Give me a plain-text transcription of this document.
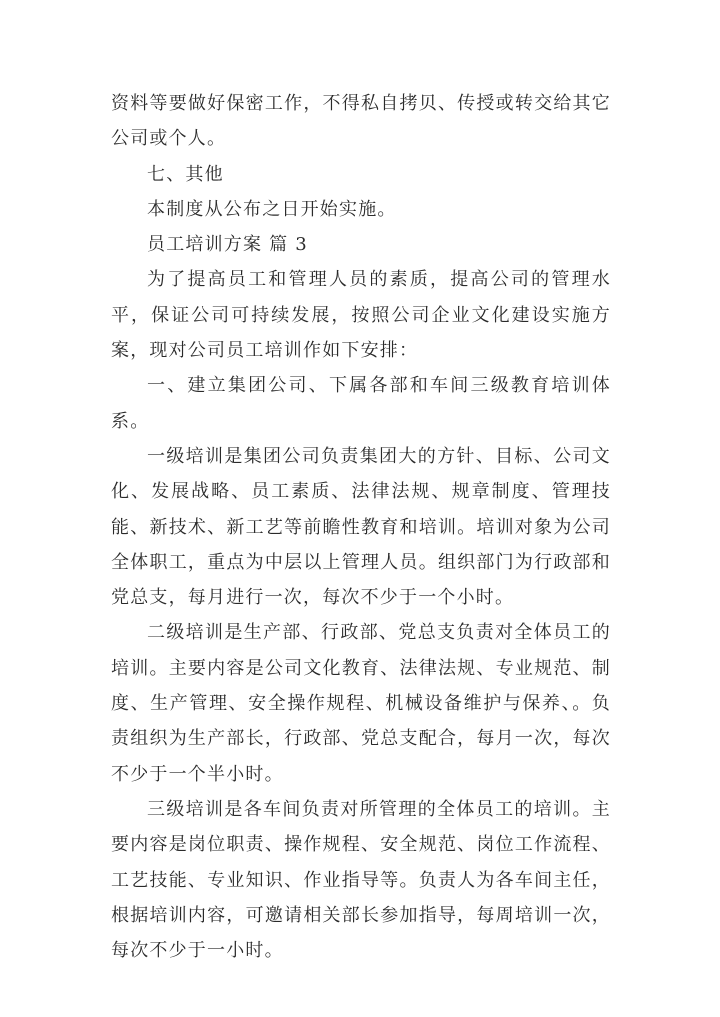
资料等要做好保密工作，不得私自拷贝、传授或转交给其它公司或个人。

七、其他

本制度从公布之日开始实施。

员工培训方案 篇 3

为了提高员工和管理人员的素质，提高公司的管理水平，保证公司可持续发展，按照公司企业文化建设实施方案，现对公司员工培训作如下安排：

一、建立集团公司、下属各部和车间三级教育培训体系。

一级培训是集团公司负责集团大的方针、目标、公司文化、发展战略、员工素质、法律法规、规章制度、管理技能、新技术、新工艺等前瞻性教育和培训。培训对象为公司全体职工，重点为中层以上管理人员。组织部门为行政部和党总支，每月进行一次，每次不少于一个小时。

二级培训是生产部、行政部、党总支负责对全体员工的培训。主要内容是公司文化教育、法律法规、专业规范、制度、生产管理、安全操作规程、机械设备维护与保养、。负责组织为生产部长，行政部、党总支配合，每月一次，每次不少于一个半小时。

三级培训是各车间负责对所管理的全体员工的培训。主要内容是岗位职责、操作规程、安全规范、岗位工作流程、工艺技能、专业知识、作业指导等。负责人为各车间主任，根据培训内容，可邀请相关部长参加指导，每周培训一次，每次不少于一小时。
